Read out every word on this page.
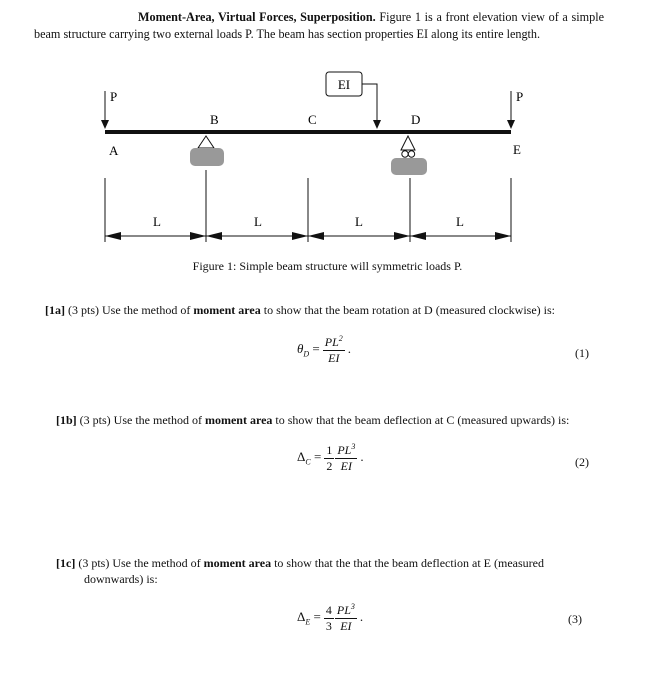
Moment-Area, Virtual Forces, Superposition. Figure 1 is a front elevation view of a simple beam structure carrying two external loads P. The beam has section properties EI along its entire length.
EI
P	P
A
B	C	D
E
L	L	L	L
Figure 1: Simple beam structure will symmetric loads P.
[1a] (3 pts) Use the method of moment area to show that the beam rotation at D (measured clockwise) is:
$\theta_D = \frac{PL^2}{EI}$ .	(1)
[1b] (3 pts) Use the method of moment area to show that the beam deflection at C (measured upwards) is:
$\Delta_C = \frac{1}{2} \frac{PL^3}{EI}$ .	(2)
[1c] (3 pts) Use the method of moment area to show that the that the beam deflection at E (measured
downwards) is:
$\Delta_E = \frac{4}{3} \frac{PL^3}{EI}$ .	(3)
